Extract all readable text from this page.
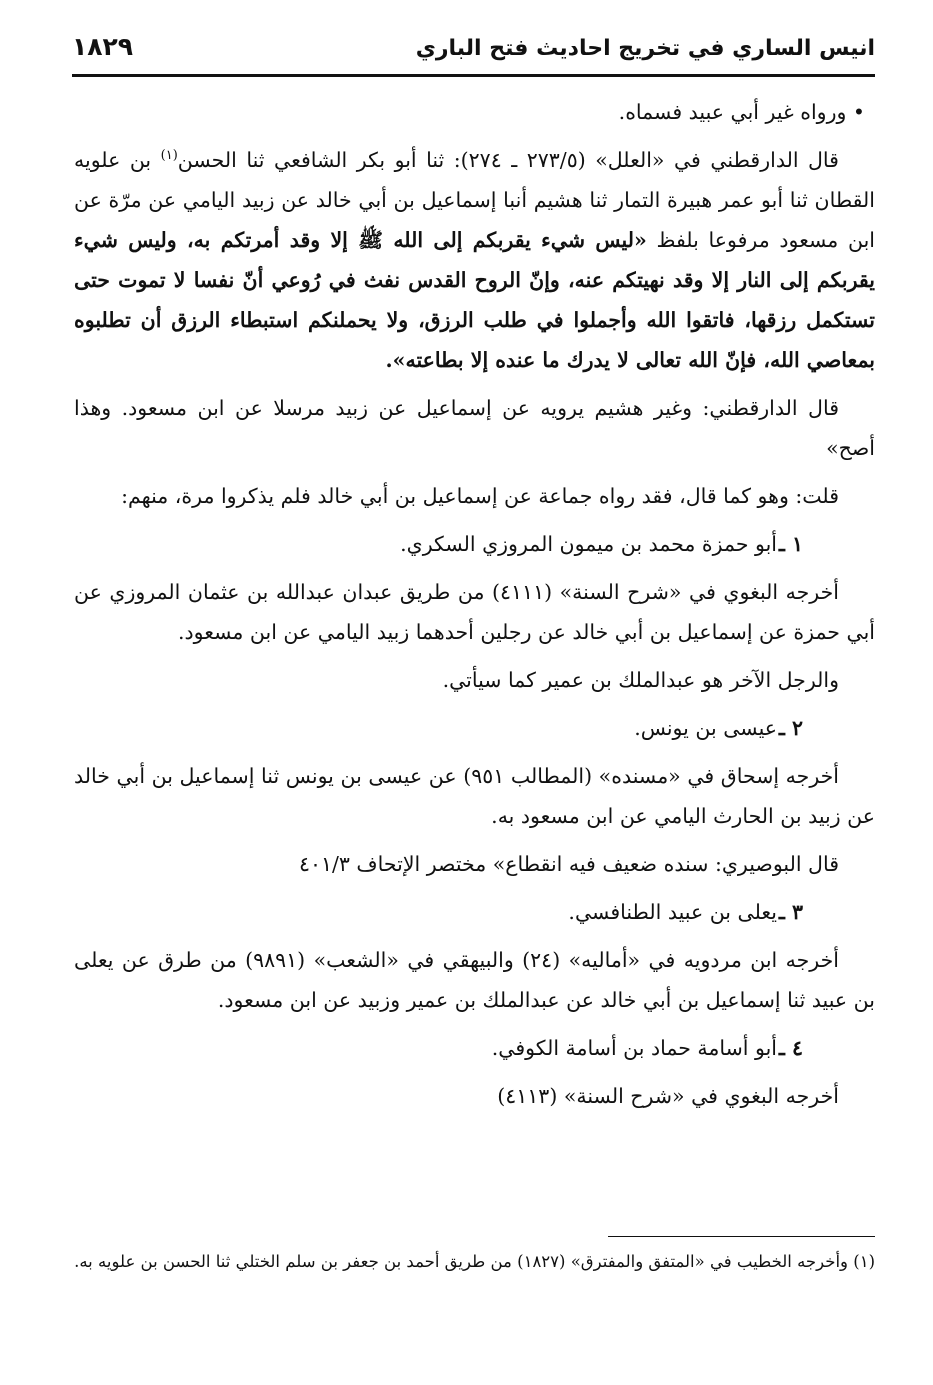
انيس الساري في تخريج احاديث فتح الباري
١٨٢٩

• ورواه غير أبي عبيد فسماه.

قال الدارقطني في «العلل» (٢٧٣/٥ ـ ٢٧٤): ثنا أبو بكر الشافعي ثنا الحسن$^{(١)}$ بن علويه القطان ثنا أبو عمر هبيرة التمار ثنا هشيم أنبا إسماعيل بن أبي خالد عن زبيد اليامي عن مرّة عن ابن مسعود مرفوعا بلفظ «ليس شيء يقربكم إلى الله ﷺ إلا وقد أمرتكم به، وليس شيء يقربكم إلى النار إلا وقد نهيتكم عنه، وإنّ الروح القدس نفث في رُوعي أنّ نفسا لا تموت حتى تستكمل رزقها، فاتقوا الله وأجملوا في طلب الرزق، ولا يحملنكم استبطاء الرزق أن تطلبوه بمعاصي الله، فإنّ الله تعالى لا يدرك ما عنده إلا بطاعته».

قال الدارقطني: وغير هشيم يرويه عن إسماعيل عن زبيد مرسلا عن ابن مسعود. وهذا أصح»

قلت: وهو كما قال، فقد رواه جماعة عن إسماعيل بن أبي خالد فلم يذكروا مرة، منهم:

١ ـأبو حمزة محمد بن ميمون المروزي السكري.

أخرجه البغوي في «شرح السنة» (٤١١١) من طريق عبدان عبدالله بن عثمان المروزي عن أبي حمزة عن إسماعيل بن أبي خالد عن رجلين أحدهما زبيد اليامي عن ابن مسعود.

والرجل الآخر هو عبدالملك بن عمير كما سيأتي.

٢ ـعيسى بن يونس.

أخرجه إسحاق في «مسنده» (المطالب ٩٥١) عن عيسى بن يونس ثنا إسماعيل بن أبي خالد عن زبيد بن الحارث اليامي عن ابن مسعود به.

قال البوصيري: سنده ضعيف فيه انقطاع» مختصر الإتحاف ٤٠١/٣

٣ ـيعلى بن عبيد الطنافسي.

أخرجه ابن مردويه في «أماليه» (٢٤) والبيهقي في «الشعب» (٩٨٩١) من طرق عن يعلى بن عبيد ثنا إسماعيل بن أبي خالد عن عبدالملك بن عمير وزبيد عن ابن مسعود.

٤ ـأبو أسامة حماد بن أسامة الكوفي.

أخرجه البغوي في «شرح السنة» (٤١١٣)

(١) وأخرجه الخطيب في «المتفق والمفترق» (١٨٢٧) من طريق أحمد بن جعفر بن سلم الختلي ثنا الحسن بن علويه به.
